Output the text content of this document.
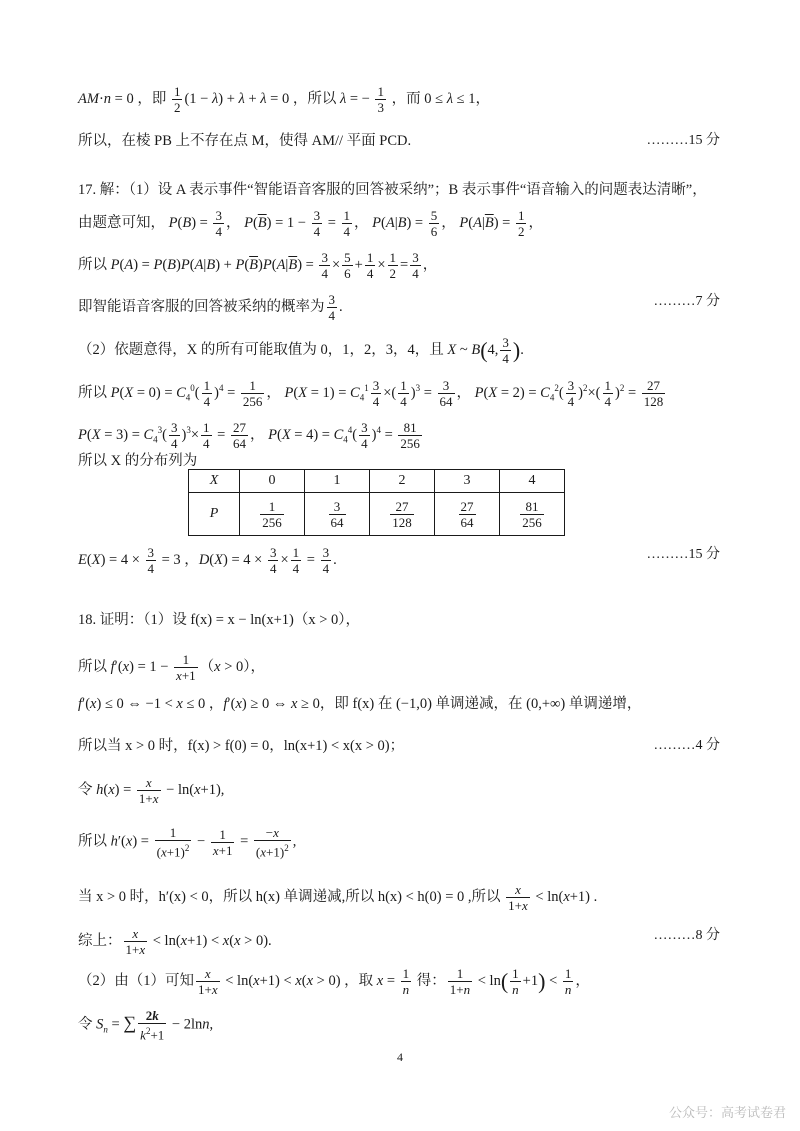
AM·n = 0 ，即 $\frac{1}{2} (1 - \lambda) + \lambda + \lambda = 0$ ，所以 λ = − $\frac{1}{3}$ ，而 0 ≤ λ ≤ 1，
所以，在棱 PB 上不存在点 M，使得 AM// 平面 PCD.	………15 分
17. 解：（1）设 A 表示事件“智能语音客服的回答被采纳”；B 表示事件“语音输入的问题表达清晰”，
由题意可知， $P(B) = \frac{3}{4}$ ， $P(\overline{B}) = 1 - \frac{3}{4} = \frac{1}{4}$ ， $P(A|B) = \frac{5}{6}$ ， $P(A|\overline{B}) = \frac{1}{2}$ ，
所以 $P(A) = P(B)P(A|B) + P(\overline{B})P(A|\overline{B}) = \frac{3}{4} \times \frac{5}{6} + \frac{1}{4} \times \frac{1}{2} = \frac{3}{4}$ ，
即智能语音客服的回答被采纳的概率为 $\frac{3}{4}$ .	………7 分
（2）依题意得，X 的所有可能取值为 0，1，2，3，4，且 X ~ B(4, $\frac{3}{4}$ ).
所以 $P(X = 0) = C_4^0( \frac{1}{4} )^4 = \frac{1}{256}$ ， $P(X = 1) = C_4^1 \frac{3}{4}$ ×( $\frac{1}{4} )^3 = \frac{3}{64}$ ， $P(X = 2) = C_4^2( \frac{3}{4} )^2\times( \frac{1}{4} )^2 = \frac{27}{128}$
$P(X = 3) = C_4^3( \frac{3}{4} )^3\times \frac{1}{4} = \frac{27}{64}$ ， $P(X = 4) = C_4^4( \frac{3}{4} )^4 = \frac{81}{256}$
所以 X 的分布列为
X	0	1	2	3	4
P	$\frac{1}{256}$	$\frac{3}{64}$	$\frac{27}{128}$	$\frac{27}{64}$	$\frac{81}{256}$
$E(X) = 4 \times \frac{3}{4} = 3$ ，$D(X) = 4 \times \frac{3}{4} \times \frac{1}{4} = \frac{3}{4}$ .	………15 分
18. 证明：（1）设 f(x) = x − ln(x+1)（x > 0），
所以 $f'(x) = 1 - \frac{1}{x+1} (x > 0)$，
f′(x) ≤ 0 ⇔ −1 < x ≤ 0 ，f′(x) ≥ 0 ⇔ x ≥ 0，即 f(x) 在 (−1,0) 单调递减，在 (0,+∞) 单调递增，
所以当 x > 0 时，f(x) > f(0) = 0，ln(x+1) < x(x > 0)；	………4 分
令 $h(x) = \frac{x}{1+x} - \ln(x+1)$,
所以 $h'(x) = \frac{1}{(x+1)^2} - \frac{1}{x+1} = \frac{-x}{(x+1)^2}$ ,
当 x > 0 时，h′(x) < 0，所以 h(x) 单调递减,所以 h(x) < h(0) = 0 ,所以 $\frac{x}{1+x} < \ln(x+1)$ .
综上： $\frac{x}{1+x} < \ln(x+1) < x(x > 0)$.	………8 分
（2）由（1）可知 $\frac{x}{1+x} < \ln(x+1) < x(x > 0)$ ，取 $x = \frac{1}{n}$ 得： $\frac{1}{1+n} < \ln( \frac{1}{n} +1) < \frac{1}{n}$ ，
令 $S_n$ = ∑ $\frac{2k}{k^2+1} - 2\ln n$,
4
公众号：高考试卷君
